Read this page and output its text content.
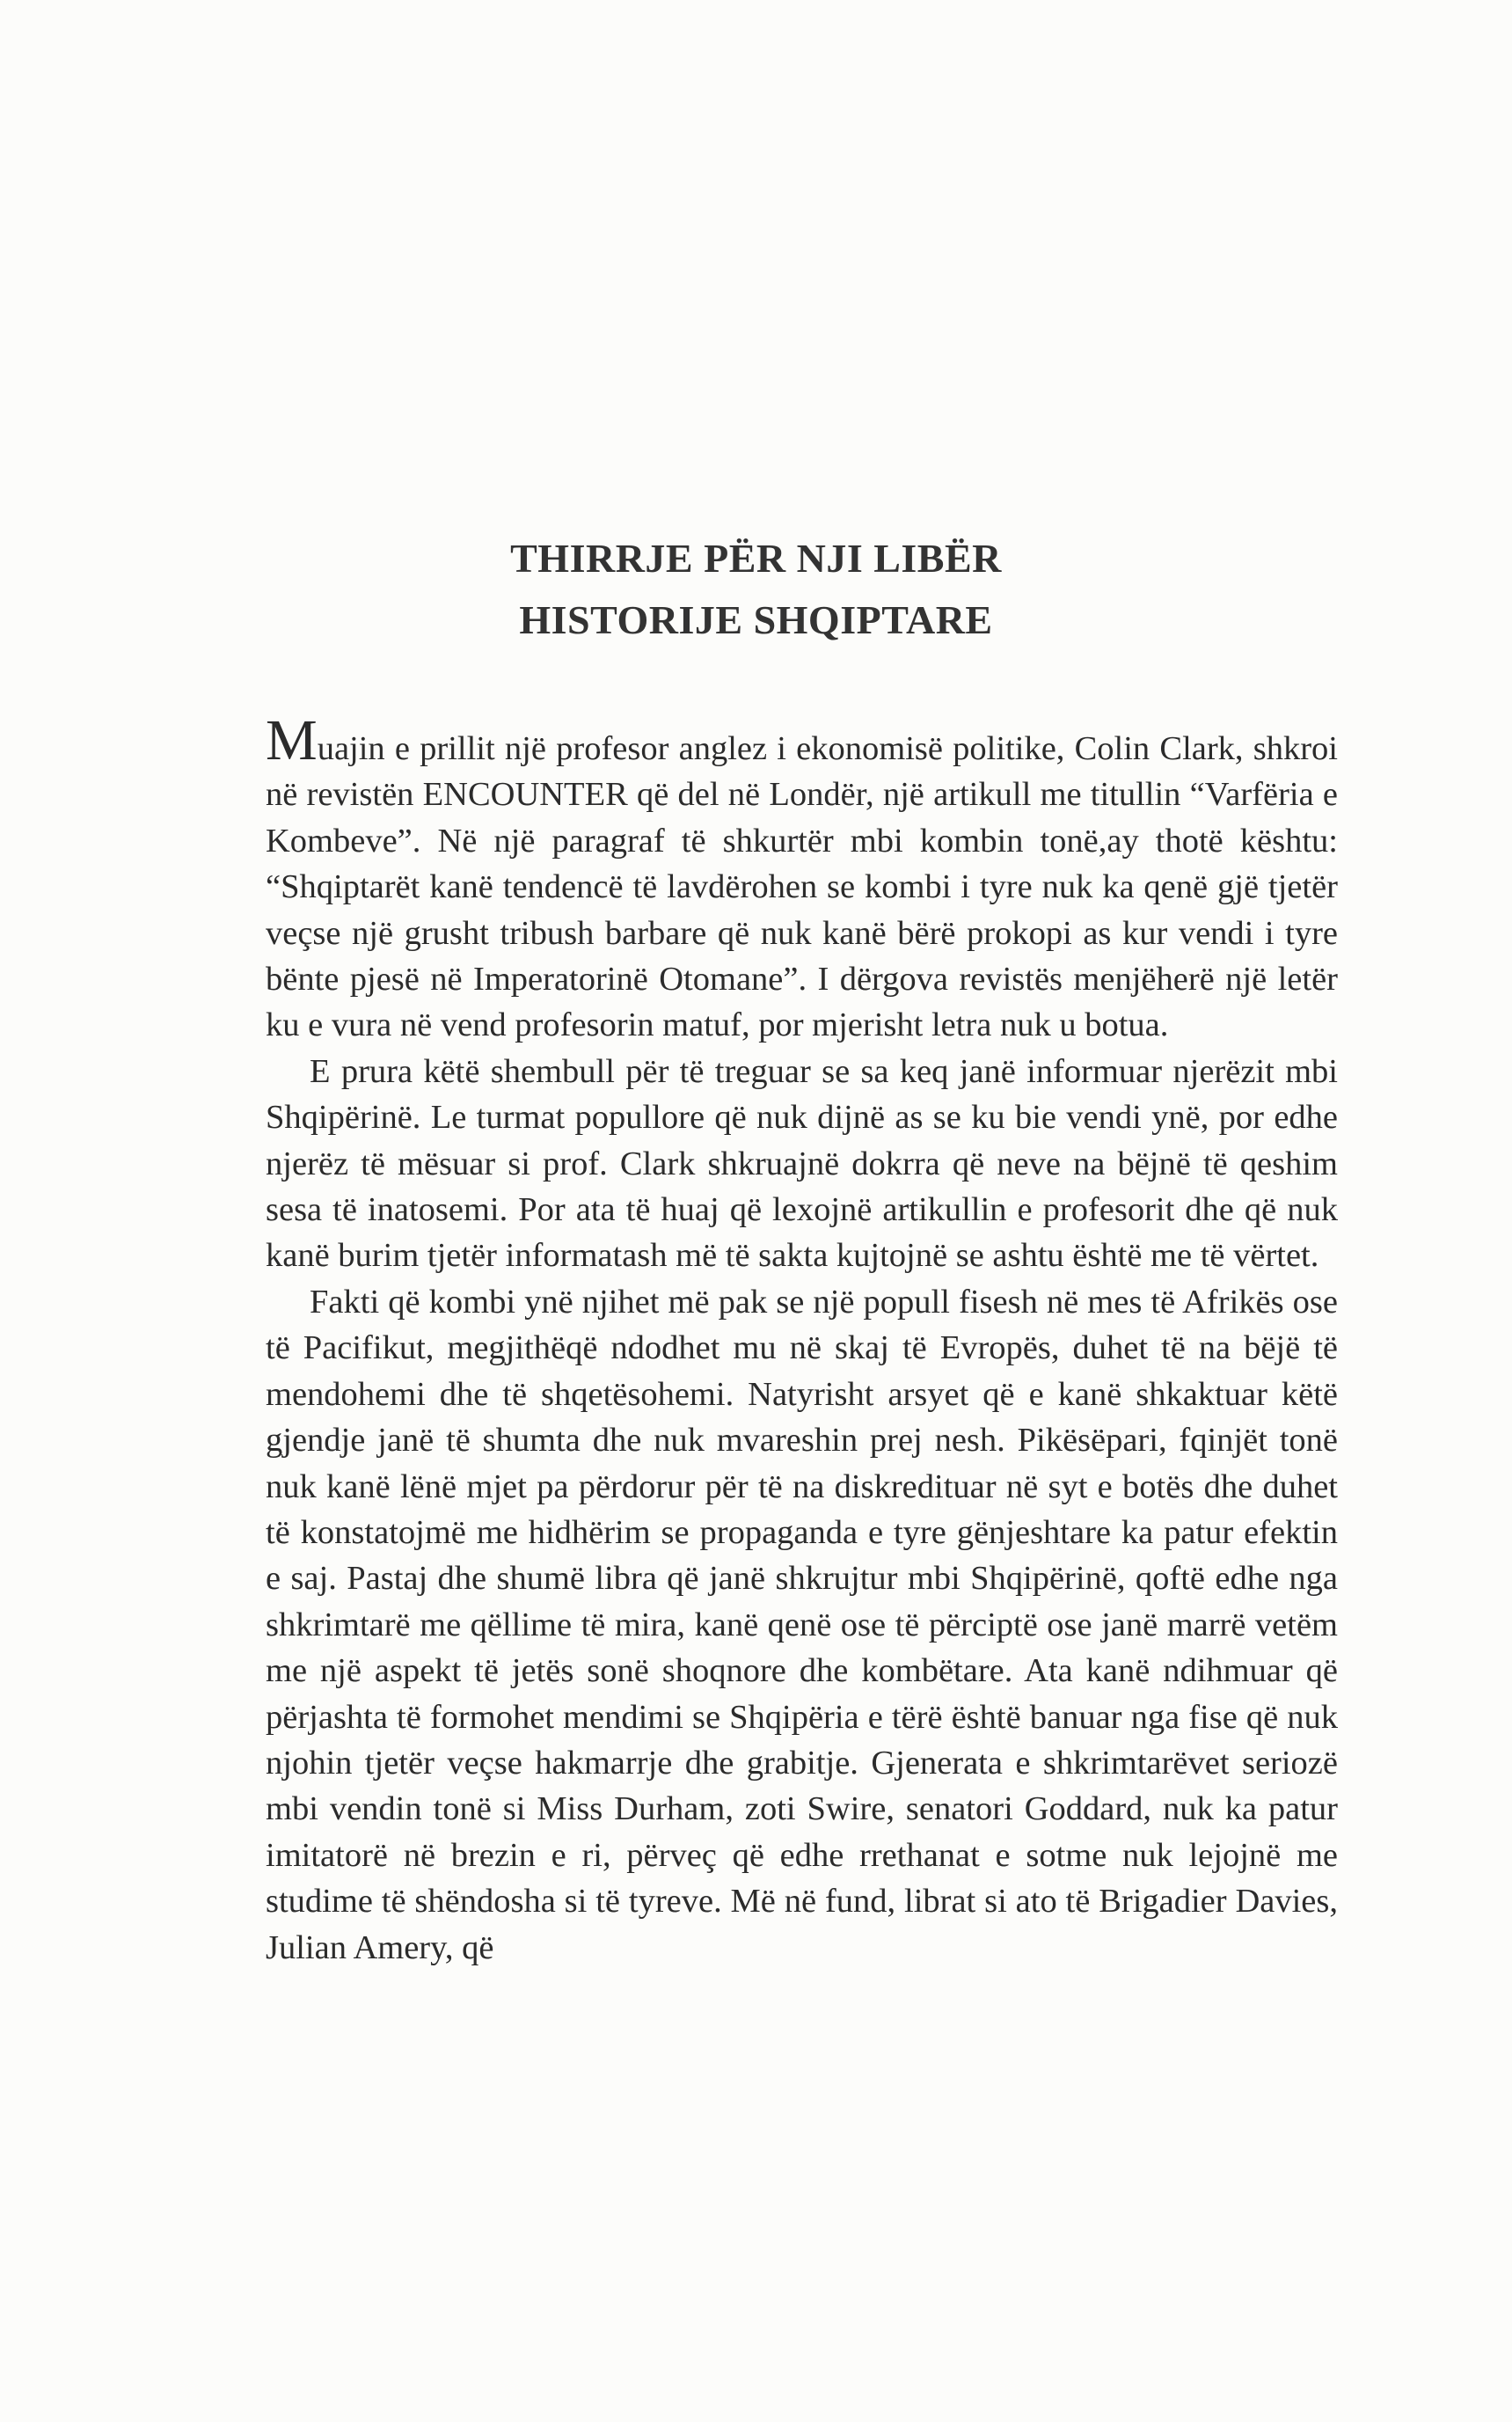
THIRRJE PËR NJI LIBËR
HISTORIJE SHQIPTARE

Muajin e prillit një profesor anglez i ekonomisë politike, Colin Clark, shkroi në revistën ENCOUNTER që del në Londër, një artikull me titullin “Varfëria e Kombeve”. Në një paragraf të shkurtër mbi kombin tonë,ay thotë kështu: “Shqiptarët kanë tendencë të lavdërohen se kombi i tyre nuk ka qenë gjë tjetër veçse një grusht tribush barbare që nuk kanë bërë prokopi as kur vendi i tyre bënte pjesë në Imperatorinë Otomane”. I dërgova revistës menjëherë një letër ku e vura në vend profesorin matuf, por mjerisht letra nuk u botua.

E prura këtë shembull për të treguar se sa keq janë informuar njerëzit mbi Shqipërinë. Le turmat popullore që nuk dijnë as se ku bie vendi ynë, por edhe njerëz të mësuar si prof. Clark shkruajnë dokrra që neve na bëjnë të qeshim sesa të inatosemi. Por ata të huaj që lexojnë artikullin e profesorit dhe që nuk kanë burim tjetër informatash më të sakta kujtojnë se ashtu është me të vërtet.

Fakti që kombi ynë njihet më pak se një popull fisesh në mes të Afrikës ose të Pacifikut, megjithëqë ndodhet mu në skaj të Evropës, duhet të na bëjë të mendohemi dhe të shqetësohemi. Natyrisht arsyet që e kanë shkaktuar këtë gjendje janë të shumta dhe nuk mvareshin prej nesh. Pikësëpari, fqinjët tonë nuk kanë lënë mjet pa përdorur për të na diskredituar në syt e botës dhe duhet të konstatojmë me hidhërim se propaganda e tyre gënjeshtare ka patur efektin e saj. Pastaj dhe shumë libra që janë shkrujtur mbi Shqipërinë, qoftë edhe nga shkrimtarë me qëllime të mira, kanë qenë ose të përciptë ose janë marrë vetëm me një aspekt të jetës sonë shoqnore dhe kombëtare. Ata kanë ndihmuar që përjashta të formohet mendimi se Shqipëria e tërë është banuar nga fise që nuk njohin tjetër veçse hakmarrje dhe grabitje. Gjenerata e shkrimtarëvet seriozë mbi vendin tonë si Miss Durham, zoti Swire, senatori Goddard, nuk ka patur imitatorë në brezin e ri, përveç që edhe rrethanat e sotme nuk lejojnë me studime të shëndosha si të tyreve. Më në fund, librat si ato të Brigadier Davies, Julian Amery, që
